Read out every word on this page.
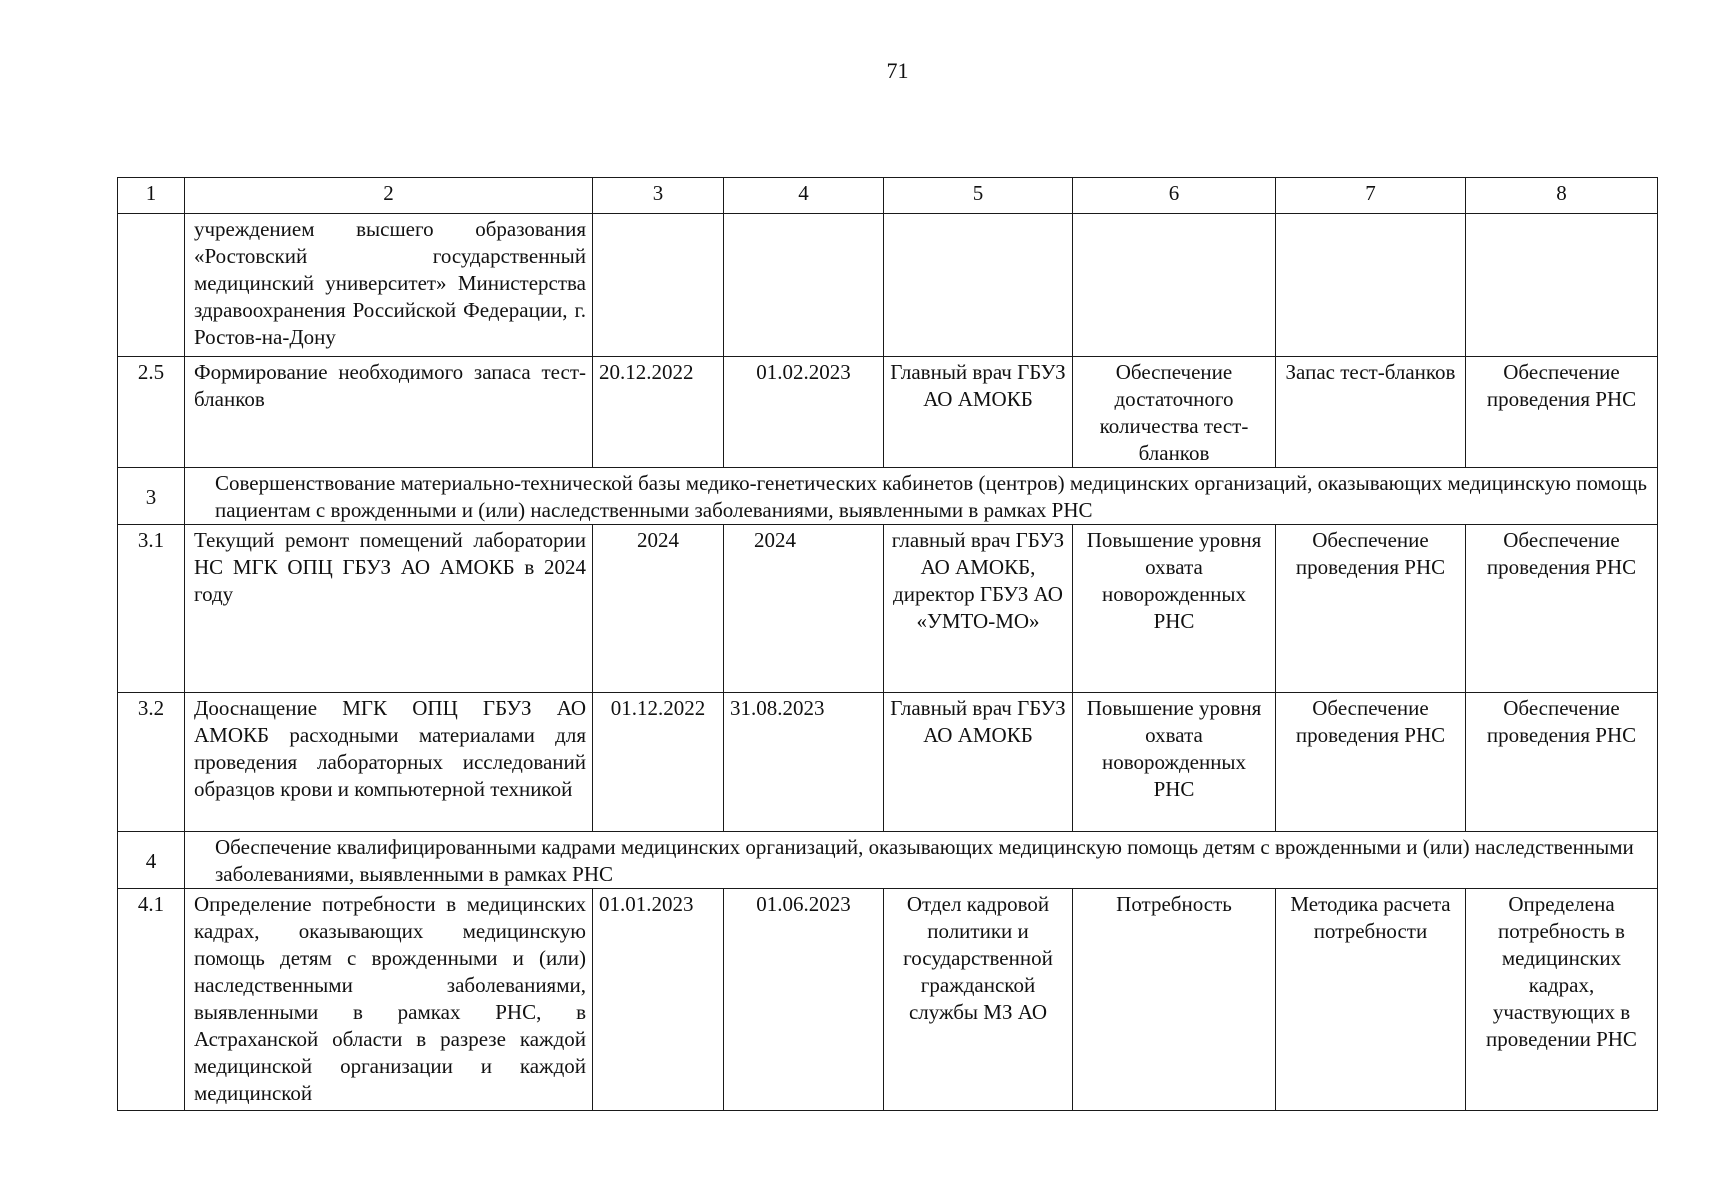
71
1	2	3	4	5	6	7	8
	учреждением высшего образования «Ростовский государственный медицинский университет» Министерства здравоохранения Российской Федерации, г. Ростов-на-Дону						
2.5	Формирование необходимого запаса тест-бланков	20.12.2022	01.02.2023	Главный врач ГБУЗ АО АМОКБ	Обеспечение достаточного количества тест-бланков	Запас тест-бланков	Обеспечение проведения РНС
3	Совершенствование материально-технической базы медико-генетических кабинетов (центров) медицинских организаций, оказывающих медицинскую помощь пациентам с врожденными и (или) наследственными заболеваниями, выявленными в рамках РНС						
3.1	Текущий ремонт помещений лаборатории НС МГК ОПЦ ГБУЗ АО АМОКБ в 2024 году	2024	2024	главный врач ГБУЗ АО АМОКБ, директор ГБУЗ АО «УМТО-МО»	Повышение уровня охвата новорожденных РНС	Обеспечение проведения РНС	Обеспечение проведения РНС
3.2	Дооснащение МГК ОПЦ ГБУЗ АО АМОКБ расходными материалами для проведения лабораторных исследований образцов крови и компьютерной техникой	01.12.2022	31.08.2023	Главный врач ГБУЗ АО АМОКБ	Повышение уровня охвата новорожденных РНС	Обеспечение проведения РНС	Обеспечение проведения РНС
4	Обеспечение квалифицированными кадрами медицинских организаций, оказывающих медицинскую помощь детям с врожденными и (или) наследственными заболеваниями, выявленными в рамках РНС						
4.1	Определение потребности в медицинских кадрах, оказывающих медицинскую помощь детям с врожденными и (или) наследственными заболеваниями, выявленными в рамках РНС, в Астраханской области в разрезе каждой медицинской организации и каждой медицинской	01.01.2023	01.06.2023	Отдел кадровой политики и государственной гражданской службы МЗ АО	Потребность	Методика расчета потребности	Определена потребность в медицинских кадрах, участвующих в проведении РНС
